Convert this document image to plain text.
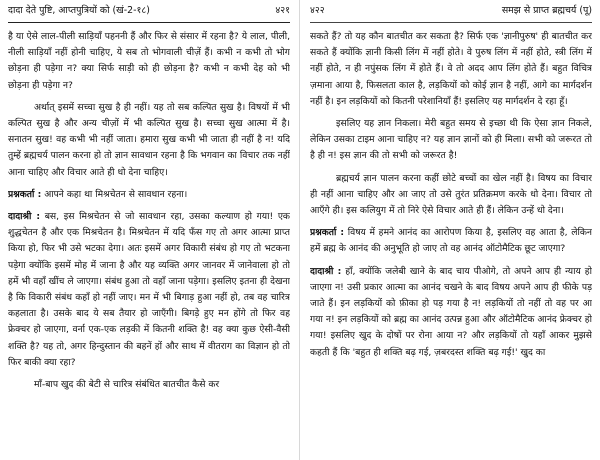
दादा देते पुष्टि, आप्तपुत्रियों को (खं-2-१८)	४२१

है या ऐसे लाल-पीली साड़ियाँ पहननी हैं और फिर से संसार में रहना है? ये लाल, पीली, नीली साड़ियाँ नहीं होनी चाहिए, ये सब तो भोगवाली चीज़ें हैं। कभी न कभी तो भोग छोड़ना ही पड़ेगा न? क्या सिर्फ साड़ी को ही छोड़ना है? कभी न कभी देह को भी छोड़ना ही पड़ेगा न?

अर्थात् इसमें सच्चा सुख है ही नहीं। यह तो सब कल्पित सुख है। विषयों में भी कल्पित सुख है और अन्य चीज़ों में भी कल्पित सुख है। सच्चा सुख आत्मा में है। सनातन सुख! वह कभी भी नहीं जाता। हमारा सुख कभी भी जाता ही नहीं है न! यदि तुम्हें ब्रह्मचर्य पालन करना हो तो ज्ञान सावधान रहना है कि भगवान का विचार तक नहीं आना चाहिए और विचार आते ही धो देना चाहिए।

प्रश्नकर्ता : आपने कहा था मिश्रचेतन से सावधान रहना।

दादाश्री : बस, इस मिश्रचेतन से जो सावधान रहा, उसका कल्याण हो गया! एक शुद्धचेतन है और एक मिश्रचेतन है। मिश्रचेतन में यदि फँस गए तो अगर आत्मा प्राप्त किया हो, फिर भी उसे भटका देगा। अतः इसमें अगर विकारी संबंध हो गए तो भटकना पड़ेगा क्योंकि इसमें मोह में जाना है और यह व्यक्ति अगर जानवर में जानेवाला हो तो हमें भी वहाँ खींच ले जाएगा। संबंध हुआ तो वहाँ जाना पड़ेगा। इसलिए इतना ही देखना है कि विकारी संबंध कहाँ हो नहीं जाए। मन में भी बिगाड़ हुआ नहीं हो, तब वह चारित्र कहलाता है। उसके बाद ये सब तैयार हो जाएँगी। बिगड़े हुए मन होंगे तो फिर वह फ्रेक्चर हो जाएगा, वर्ना एक-एक लड़की में कितनी शक्ति है! वह क्या कुछ ऐसी-वैसी शक्ति है? यह तो, अगर हिन्दुस्तान की बहनें हों और साथ में वीतराग का विज्ञान हो तो फिर बाकी क्या रहा?

माँ-बाप खुद की बेटी से चारित्र संबंधित बातचीत कैसे कर

४२२	समझ से प्राप्त ब्रह्मचर्य (पू)

सकते हैं? तो यह कौन बातचीत कर सकता है? सिर्फ एक 'ज्ञानीपुरुष' ही बातचीत कर सकते हैं क्योंकि ज्ञानी किसी लिंग में नहीं होते। वे पुरुष लिंग में नहीं होते, स्त्री लिंग में नहीं होते, न ही नपुंसक लिंग में होते हैं। वे तो अदद आप लिंग होते हैं। बहुत विचित्र ज़माना आया है, फिसलता काल है, लड़कियों को कोई ज्ञान है नहीं, आगे का मार्गदर्शन नहीं है। इन लड़कियों को कितनी परेशानियाँ हैं! इसलिए यह मार्गदर्शन दे रहा हूँ।

इसलिए यह ज्ञान निकला। मेरी बहुत समय से इच्छा थी कि ऐसा ज्ञान निकले, लेकिन उसका टाइम आना चाहिए न? यह ज्ञान ज्ञानों को ही मिला। सभी को जरूरत तो है ही न! इस ज्ञान की तो सभी को जरूरत है!

ब्रह्मचर्य ज्ञान पालन करना कहीं छोटे बच्चों का खेल नहीं है। विषय का विचार ही नहीं आना चाहिए और आ जाए तो उसे तुरंत प्रतिक्रमण करके धो देना। विचार तो आएँगे ही। इस कलियुग में तो निरे ऐसे विचार आते ही हैं। लेकिन उन्हें धो देना।

प्रश्नकर्ता : विषय में हमने आनंद का आरोपण किया है, इसलिए वह आता है, लेकिन हमें ब्रह्म के आनंद की अनुभूति हो जाए तो वह आनंद ऑटोमैटिक छूट जाएगा?

दादाश्री : हाँ, क्योंकि जलेबी खाने के बाद चाय पीओगे, तो अपने आप ही न्याय हो जाएगा न! उसी प्रकार आत्मा का आनंद चखने के बाद विषय अपने आप ही फीके पड़ जाते हैं। इन लड़कियों को फ़ीका हो पड़ गया है न! लड़कियों तो नहीं तो वह पर आ गया न! इन लड़कियों को ब्रह्म का आनंद उत्पन्न हुआ और ऑटोमैटिक आनंद फ्रेक्चर हो गया! इसलिए खुद के दोषों पर रोना आया न? और लड़कियों तो यहाँ आकर मुझसे कहती हैं कि 'बहुत ही शक्ति बढ़ गई, ज़बरदस्त शक्ति बढ़ गई!' खुद का
